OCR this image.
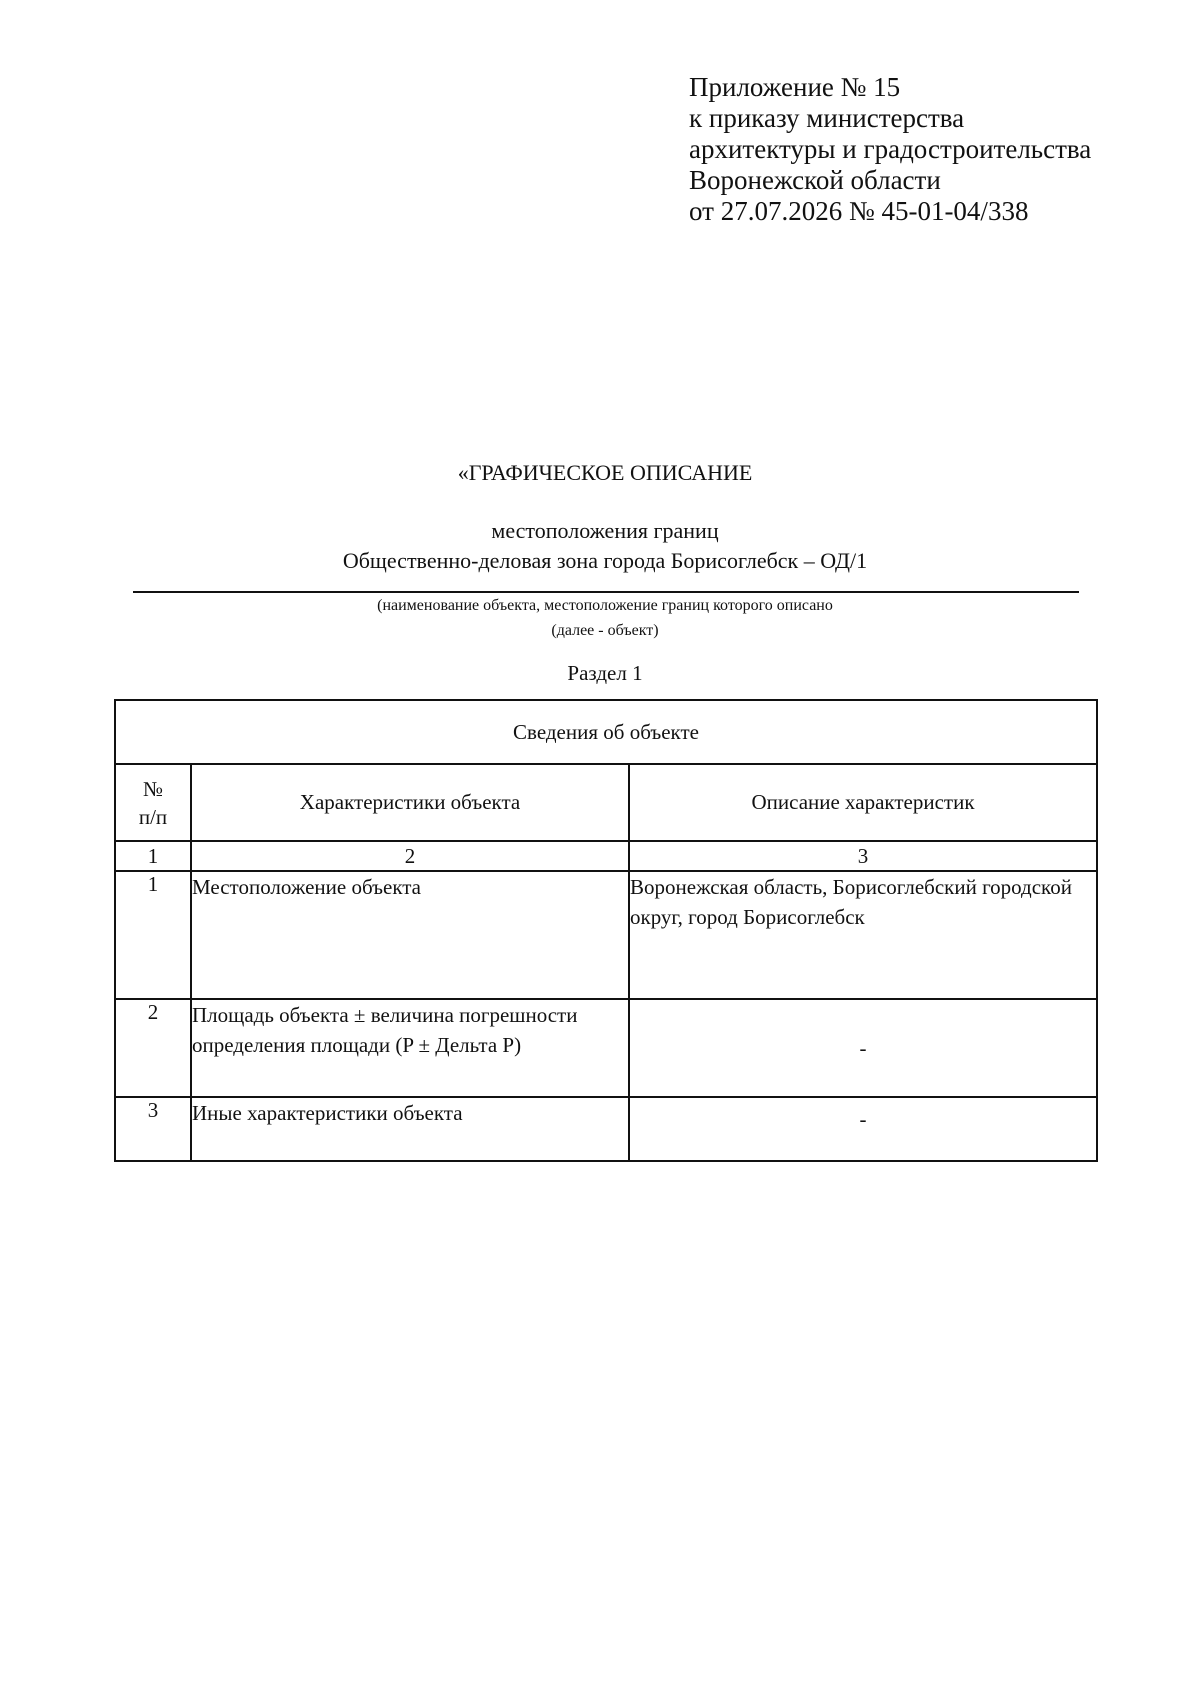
Приложение № 15
к приказу министерства
архитектуры и градостроительства
Воронежской области
от 27.07.2026 № 45-01-04/338
«ГРАФИЧЕСКОЕ ОПИСАНИЕ
местоположения границ
Общественно-деловая зона города Борисоглебск – ОД/1
(наименование объекта, местоположение границ которого описано
(далее - объект)
Раздел 1
Сведения об объекте		
№
п/п	Характеристики объекта	Описание характеристик
1	2	3
1	Местоположение объекта	Воронежская область, Борисоглебский городской округ, город Борисоглебск
2	Площадь объекта ± величина погрешности определения площади (P ± Дельта P)	-
3	Иные характеристики объекта	-
